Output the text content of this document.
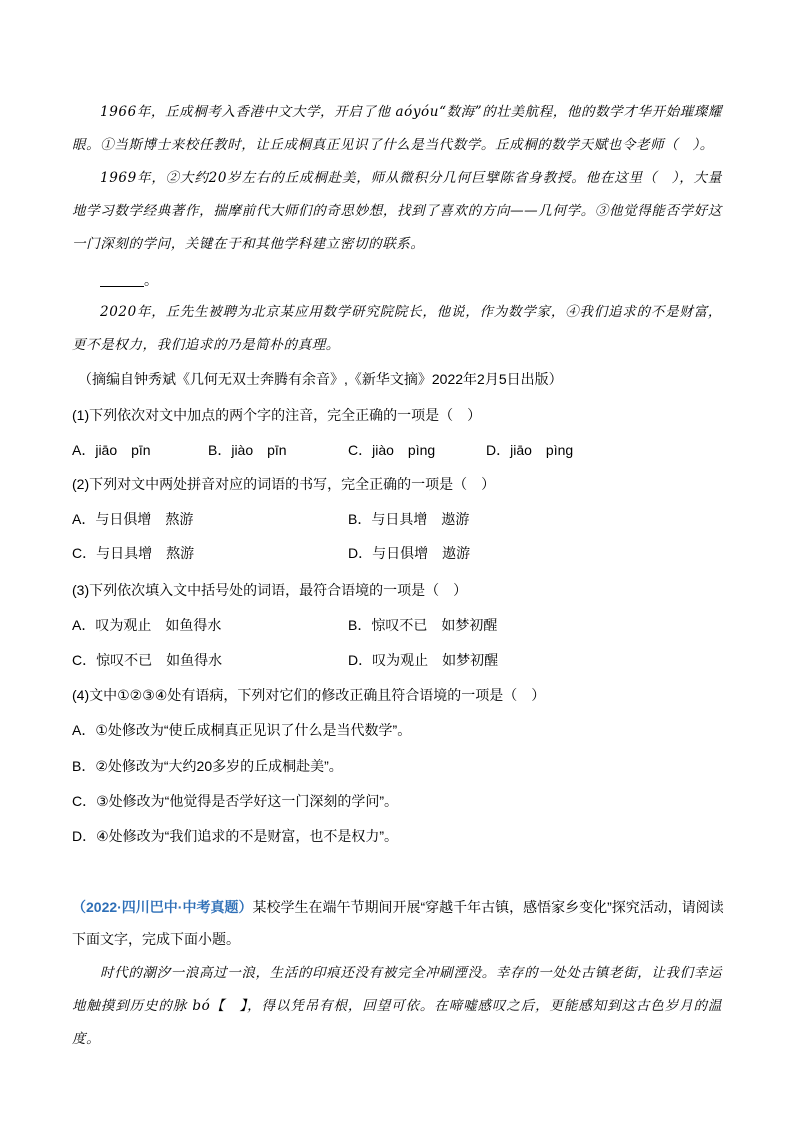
1966年，丘成桐考入香港中文大学，开启了他 aóyóu“数海”的壮美航程，他的数学才华开始璀璨耀眼。①当斯博士来校任教时，让丘成桐真正见识了什么是当代数学。丘成桐的数学天赋也令老师（　）。
1969年，②大约20岁左右的丘成桐赴美，师从微积分几何巨擘陈省身教授。他在这里（　），大量地学习数学经典著作，揣摩前代大师们的奇思妙想，找到了喜欢的方向——几何学。③他觉得能否学好这一门深刻的学问，关键在于和其他学科建立密切的联系。
。
2020年，丘先生被聘为北京某应用数学研究院院长，他说，作为数学家，④我们追求的不是财富，更不是权力，我们追求的乃是简朴的真理。
（摘编自钟秀斌《几何无双士奔腾有余音》,《新华文摘》2022年2月5日出版）
(1)下列依次对文中加点的两个字的注音，完全正确的一项是（　）
A．jiāo　pīn	B．jiào　pīn	C．jiào　pìng	D．jiāo　pìng
(2)下列对文中两处拼音对应的词语的书写，完全正确的一项是（　）
A．与日俱增　熬游	B．与日具增　遨游
C．与日具增　熬游	D．与日俱增　遨游
(3)下列依次填入文中括号处的词语，最符合语境的一项是（　）
A．叹为观止　如鱼得水	B．惊叹不已　如梦初醒
C．惊叹不已　如鱼得水	D．叹为观止　如梦初醒
(4)文中①②③④处有语病，下列对它们的修改正确且符合语境的一项是（　）
A．①处修改为“使丘成桐真正见识了什么是当代数学”。
B．②处修改为“大约20多岁的丘成桐赴美”。
C．③处修改为“他觉得是否学好这一门深刻的学问”。
D．④处修改为“我们追求的不是财富，也不是权力”。
（2022·四川巴中·中考真题）某校学生在端午节期间开展“穿越千年古镇，感悟家乡变化”探究活动，请阅读
下面文字，完成下面小题。
时代的潮汐一浪高过一浪，生活的印痕还没有被完全冲刷湮没。幸存的一处处古镇老街，让我们幸运地触摸到历史的脉 bó【　】，得以凭吊有根，回望可依。在啼嘘感叹之后，更能感知到这古色岁月的温度。
